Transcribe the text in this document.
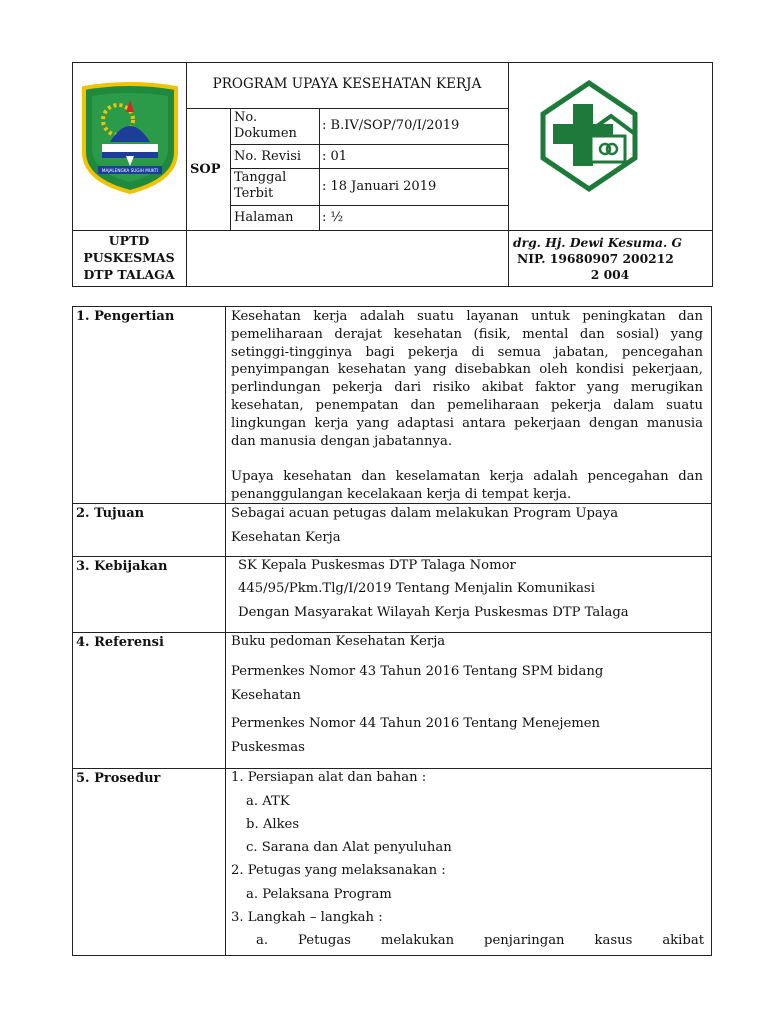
MAJALENGKA SUGIH MUKTI
PROGRAM UPAYA KESEHATAN KERJA
SOP
No. Dokumen
: B.IV/SOP/70/I/2019
No. Revisi : 01
Tanggal Terbit	: 18 Januari 2019
Halaman : ½
UPTD
PUSKESMAS
DTP TALAGA
drg. Hj. Dewi Kesuma. G
NIP. 19680907 200212
2 004
1. Pengertian	Kesehatan kerja adalah suatu layanan untuk peningkatan dan pemeliharaan derajat kesehatan (fisik, mental dan sosial) yang setinggi-tingginya bagi pekerja di semua jabatan, pencegahan penyimpangan kesehatan yang disebabkan oleh kondisi pekerjaan, perlindungan pekerja dari risiko akibat faktor yang merugikan kesehatan, penempatan dan pemeliharaan pekerja dalam suatu lingkungan kerja yang adaptasi antara pekerjaan dengan manusia dan manusia dengan jabatannya.
Upaya kesehatan dan keselamatan kerja adalah pencegahan dan penanggulangan kecelakaan kerja di tempat kerja.
2. Tujuan	Sebagai acuan petugas dalam melakukan Program Upaya Kesehatan Kerja
3. Kebijakan	SK Kepala Puskesmas DTP Talaga Nomor
445/95/Pkm.Tlg/I/2019 Tentang Menjalin Komunikasi
Dengan Masyarakat Wilayah Kerja Puskesmas DTP Talaga
4. Referensi	Buku pedoman Kesehatan Kerja
Permenkes Nomor 43 Tahun 2016 Tentang SPM bidang Kesehatan
Permenkes Nomor 44 Tahun 2016 Tentang Menejemen Puskesmas
5. Prosedur	1. Persiapan alat dan bahan :
a. ATK
b. Alkes
c. Sarana dan Alat penyuluhan
2. Petugas yang melaksanakan :
a. Pelaksana Program
3. Langkah – langkah :
a. Petugas melakukan penjaringan kasus akibat
